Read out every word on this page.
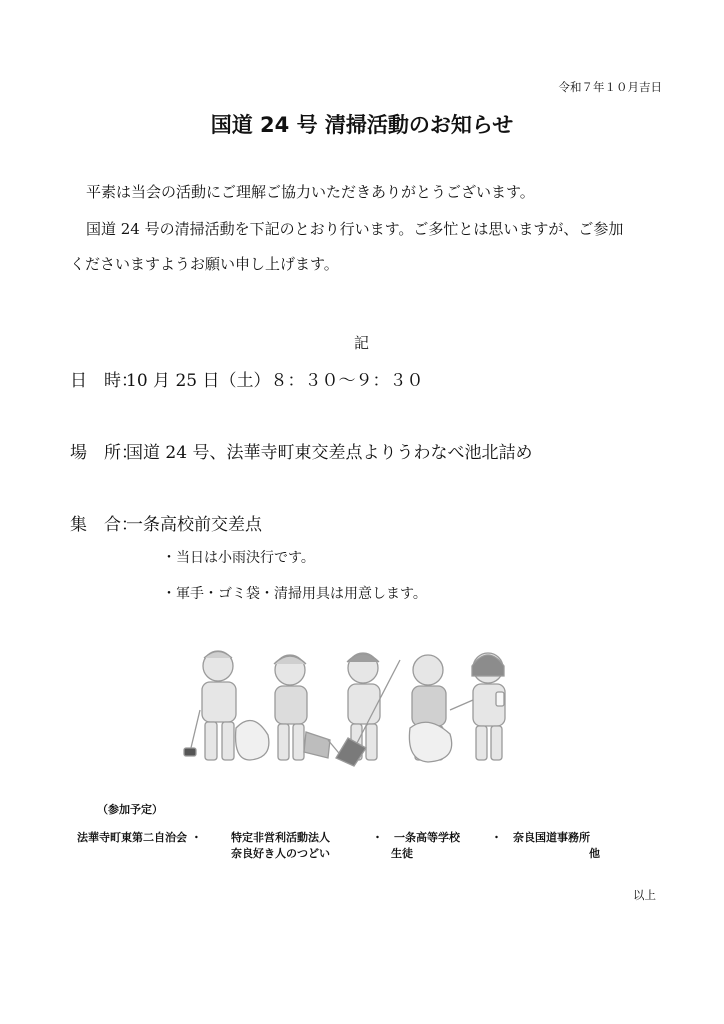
令和７年１０月吉日
国道 24 号 清掃活動のお知らせ
平素は当会の活動にご理解ご協力いただきありがとうございます。
国道 24 号の清掃活動を下記のとおり行います。ご多忙とは思いますが、ご参加
くださいますようお願い申し上げます。
記
日　時：10 月 25 日（土）８：３０～９：３０
場　所：国道 24 号、法華寺町東交差点よりうわなべ池北詰め
集　合：一条高校前交差点
・当日は小雨決行です。
・軍手・ゴミ袋・清掃用具は用意します。
（参加予定）
法華寺町東第二自治会 ・	特定非営利活動法人
奈良好き人のつどい
・　一条高等学校
生徒
・　奈良国道事務所
他
以上
